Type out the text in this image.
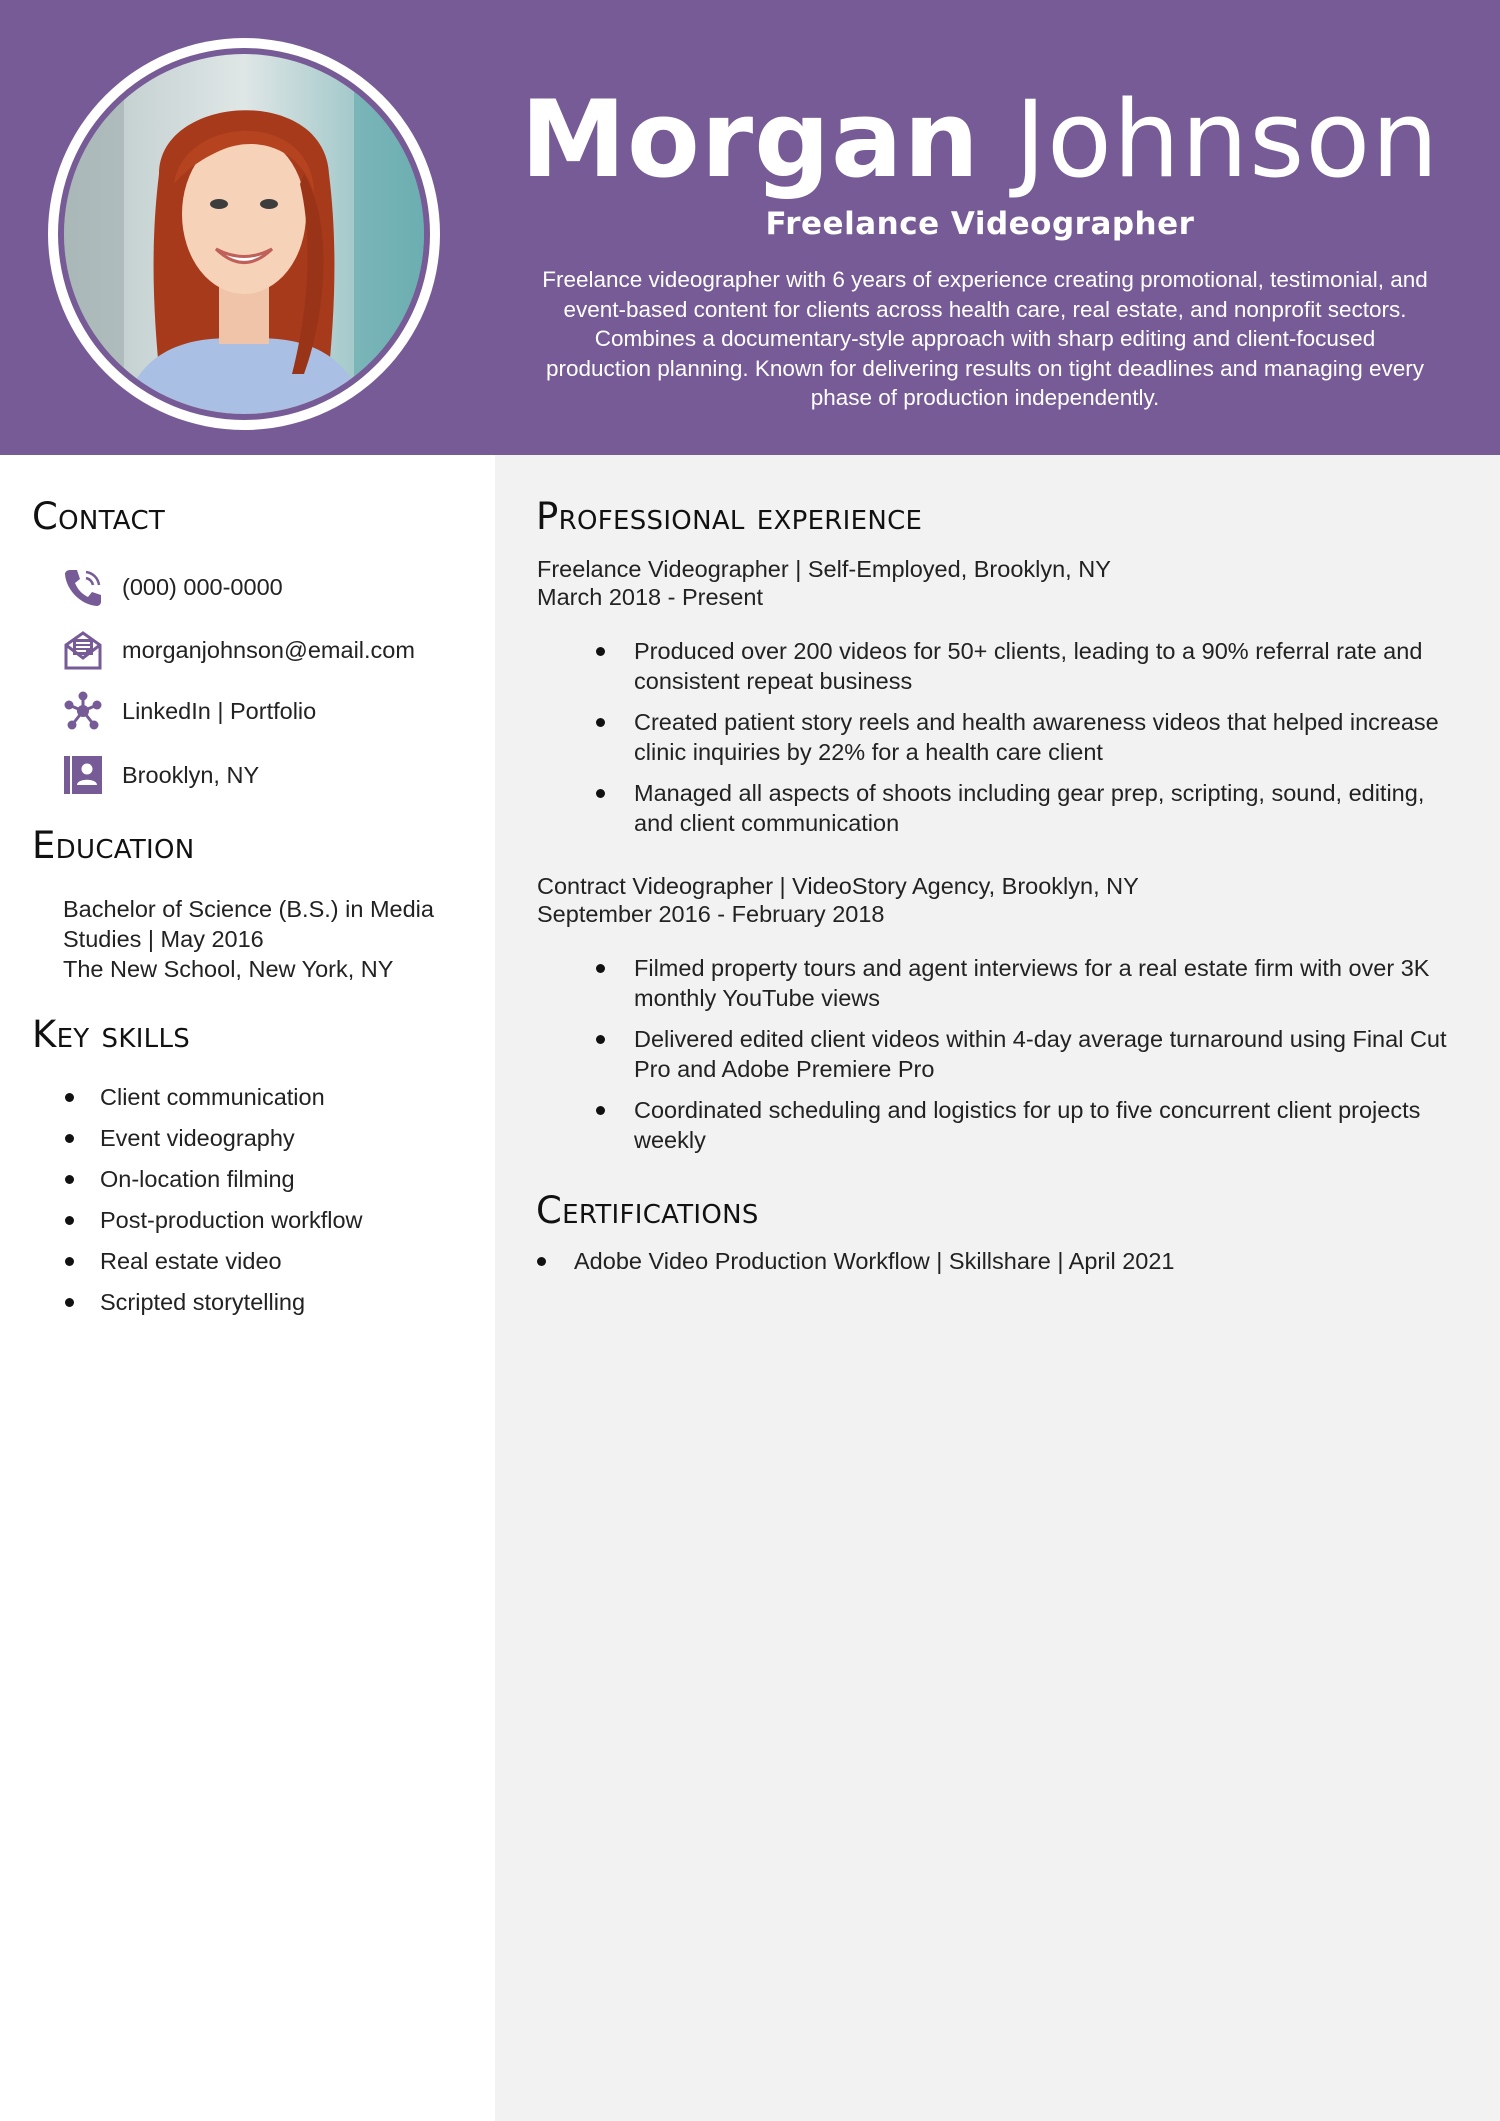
Morgan Johnson
Freelance Videographer
Freelance videographer with 6 years of experience creating promotional, testimonial, and event-based content for clients across health care, real estate, and nonprofit sectors. Combines a documentary-style approach with sharp editing and client-focused production planning. Known for delivering results on tight deadlines and managing every phase of production independently.
Contact
(000) 000-0000
morganjohnson@email.com
LinkedIn | Portfolio
Brooklyn, NY
Education
Bachelor of Science (B.S.) in Media
Studies | May 2016
The New School, New York, NY
Key skills
Client communication
Event videography
On-location filming
Post-production workflow
Real estate video
Scripted storytelling
Professional experience
Freelance Videographer | Self-Employed, Brooklyn, NY
March 2018 - Present
Produced over 200 videos for 50+ clients, leading to a 90% referral rate and consistent repeat business
Created patient story reels and health awareness videos that helped increase clinic inquiries by 22% for a health care client
Managed all aspects of shoots including gear prep, scripting, sound, editing, and client communication
Contract Videographer | VideoStory Agency, Brooklyn, NY
September 2016 - February 2018
Filmed property tours and agent interviews for a real estate firm with over 3K monthly YouTube views
Delivered edited client videos within 4-day average turnaround using Final Cut Pro and Adobe Premiere Pro
Coordinated scheduling and logistics for up to five concurrent client projects weekly
Certifications
Adobe Video Production Workflow | Skillshare | April 2021
